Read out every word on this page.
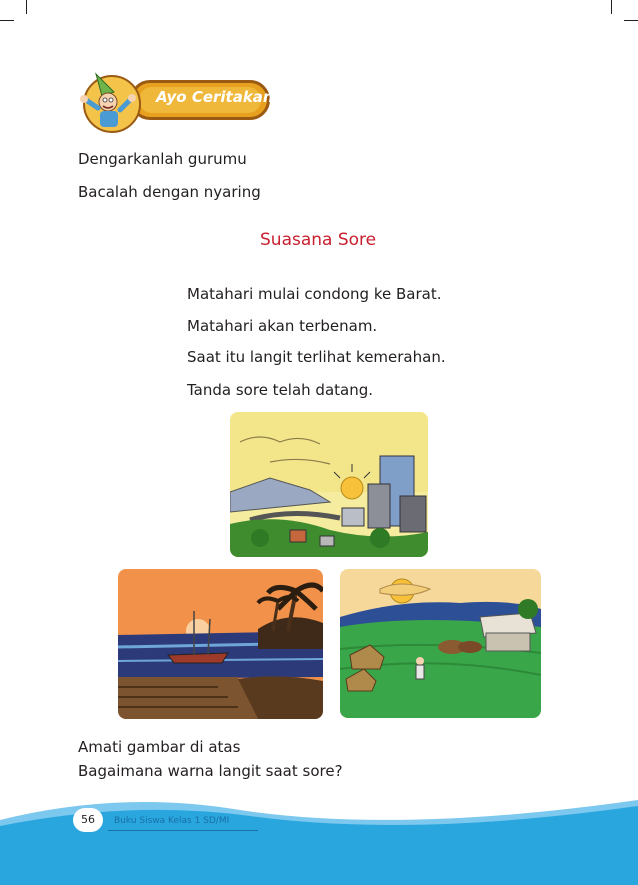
Ayo Ceritakan
Dengarkanlah gurumu
Bacalah dengan nyaring
Suasana Sore
Matahari mulai condong ke Barat.
Matahari akan terbenam.
Saat itu langit terlihat kemerahan.
Tanda sore telah datang.
Amati gambar di atas
Bagaimana warna langit saat sore?
56	Buku Siswa Kelas 1 SD/MI
